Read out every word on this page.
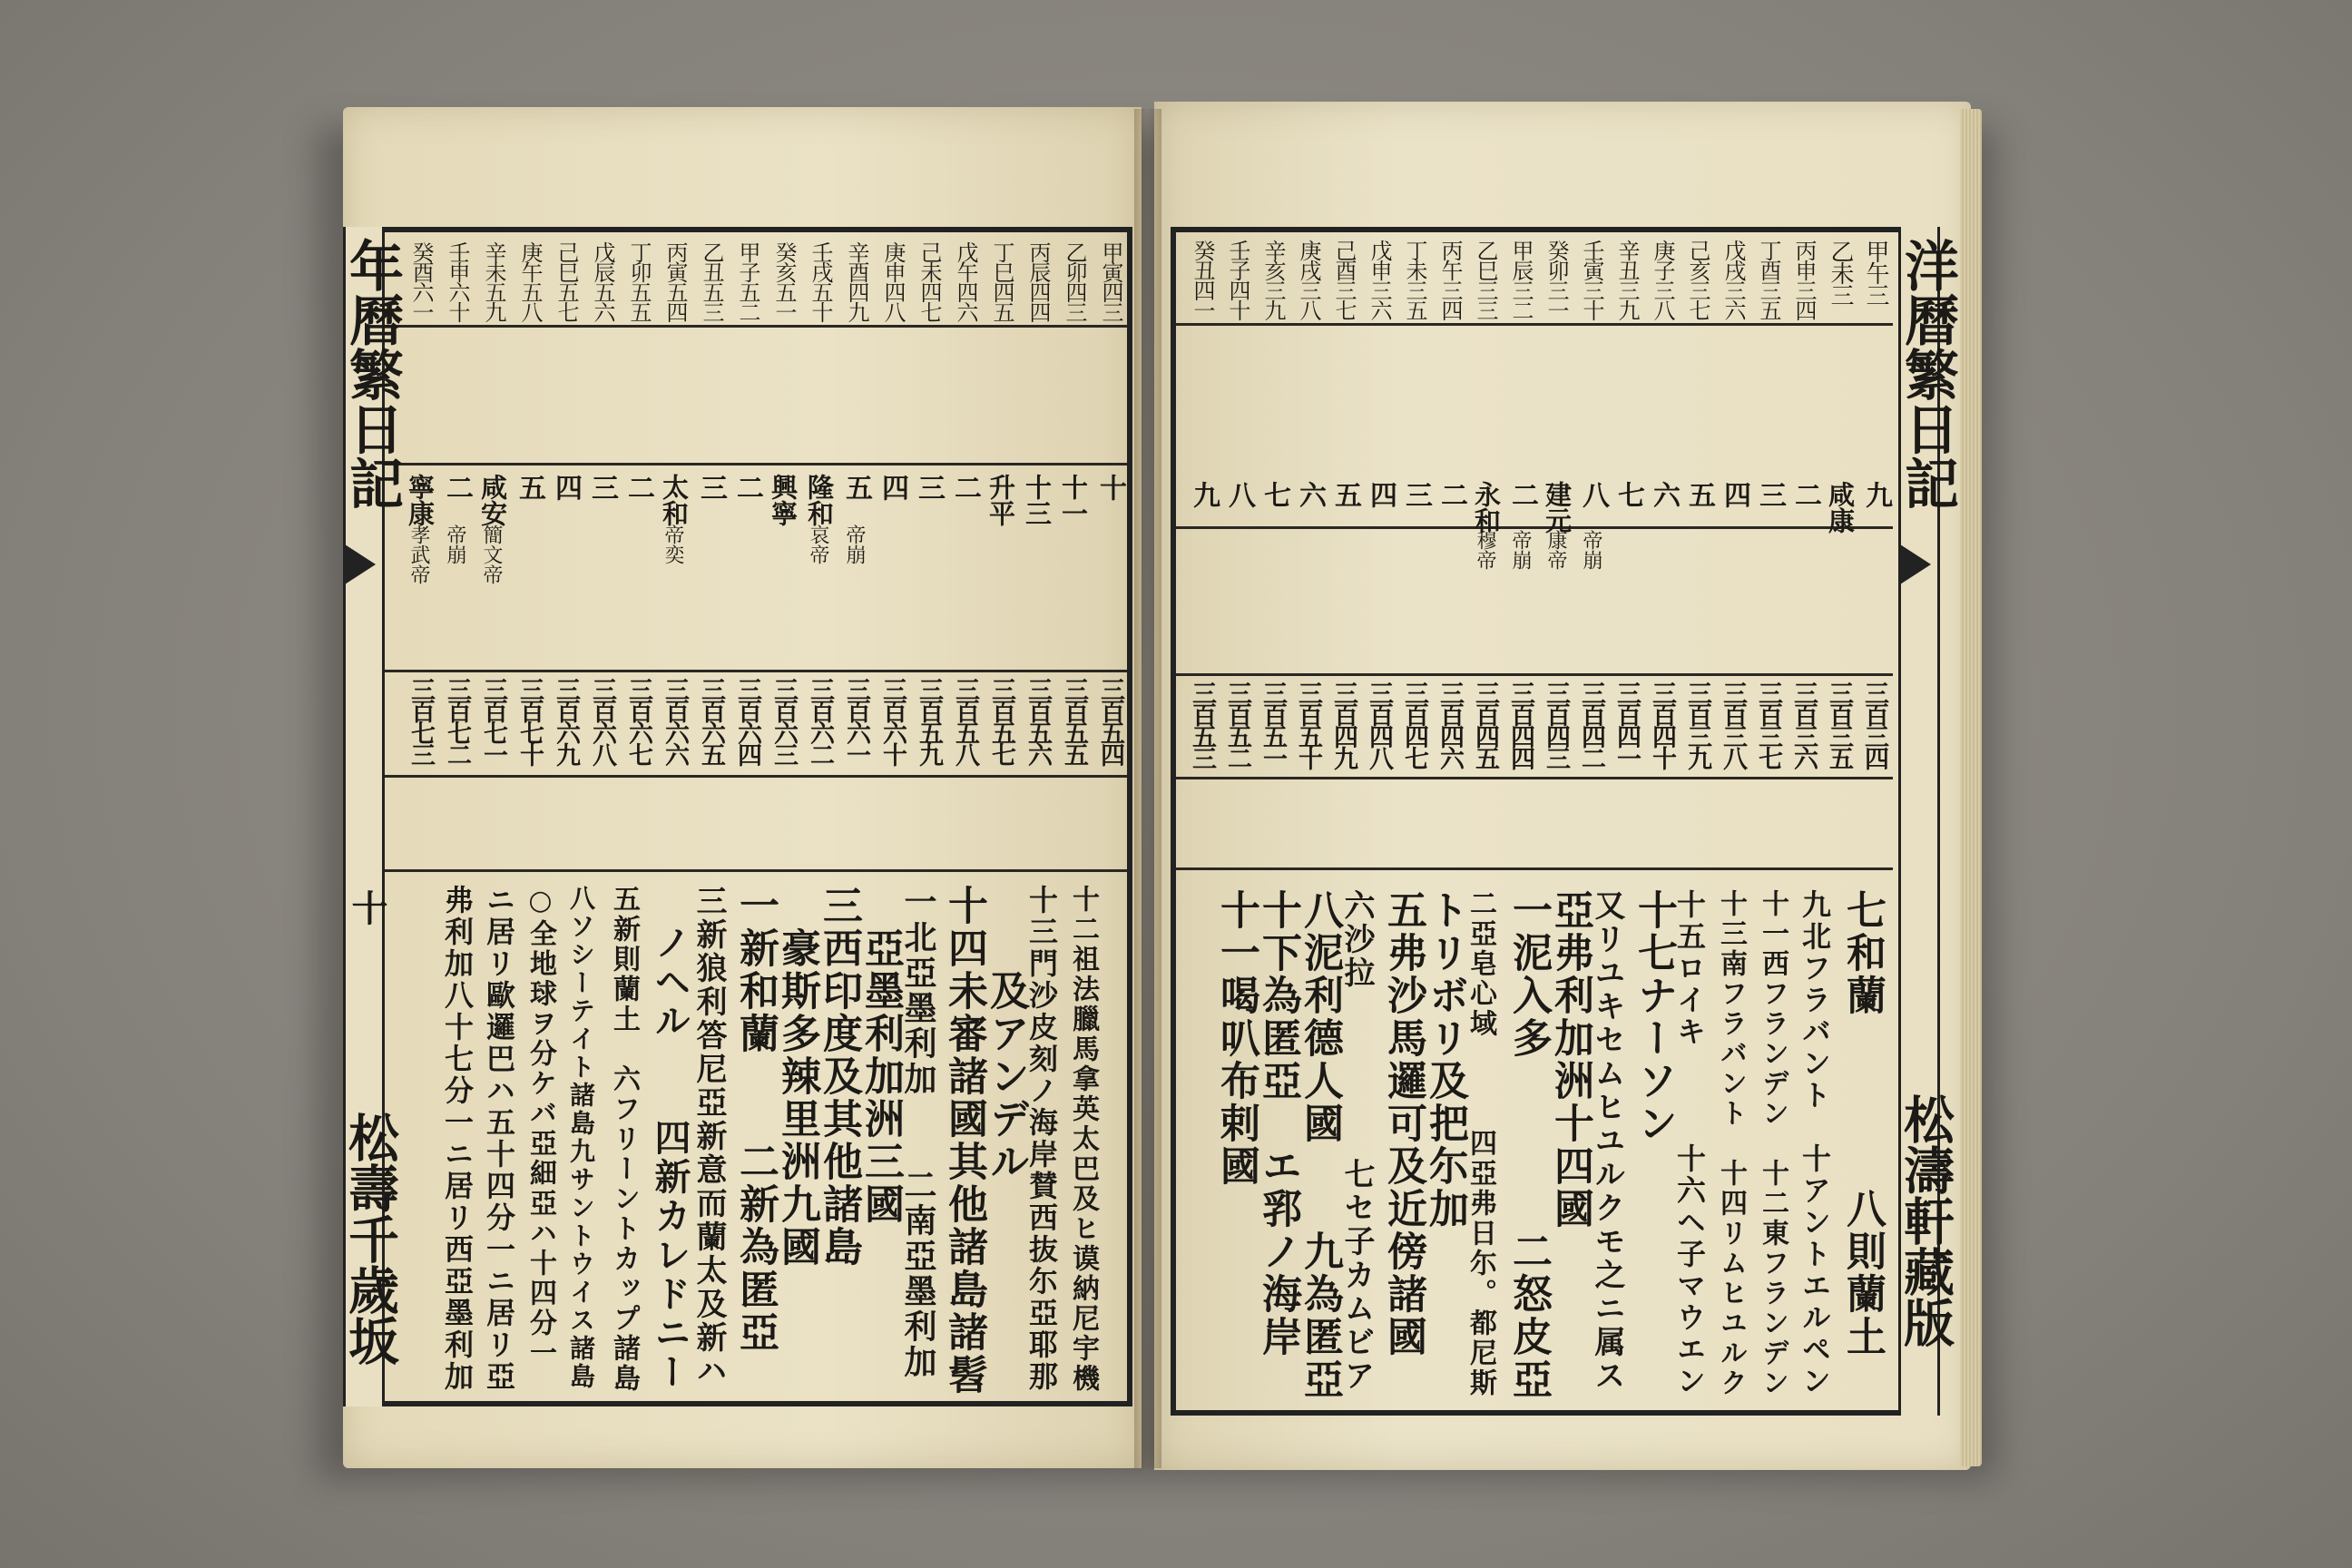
年曆繁日記
十
松壽千歲坂
甲寅四三
乙卯四三
丙辰四四
丁巳四五
戊午四六
己未四七
庚申四八
辛酉四九
壬戌五十
癸亥五一
甲子五二
乙丑五三
丙寅五四
丁卯五五
戊辰五六
己巳五七
庚午五八
辛未五九
壬申六十
癸酉六一
十
十一
十三
升平
二
三
四
五
隆和
興寧
二
三
太和
二
三
四
五
咸安
二
寧康
帝崩
哀帝
帝奕
簡文帝
帝崩
孝武帝
三百五四
三百五五
三百五六
三百五七
三百五八
三百五九
三百六十
三百六一
三百六二
三百六三
三百六四
三百六五
三百六六
三百六七
三百六八
三百六九
三百七十
三百七一
三百七二
三百七三
十二祖法臘馬拿英太巴及ヒ谟納尼宇機
十三門沙皮刻ノ海岸賛西抜尓亞耶那
　　及アンデル
十四未審諸國其他諸島諸髫
一北亞墨利加　　二南亞墨利加
　亞墨利加洲三國
三西印度及其他諸島
　豪斯多辣里洲九國
一新和蘭　　二新為匿亞
三新狼利答尼亞新意而蘭太及新ハ
　ノヘル　　四新カレドニー
五新則蘭土　六フリーントカップ諸島
八ソシーテイト諸島九サントウイス諸島
○全地球ヲ分ケバ亞細亞ハ十四分一
ニ居リ歐邏巴ハ五十四分一ニ居リ亞
弗利加八十七分一ニ居リ西亞墨利加
洋曆繁日記
松濤軒藏版
甲午三
乙未三
丙申三四
丁酉三五
戊戌三六
己亥三七
庚子三八
辛丑三九
壬寅三十
癸卯三一
甲辰三二
乙巳三三
丙午三四
丁未三五
戊申三六
己酉三七
庚戌三八
辛亥三九
壬子四十
癸丑四一
九
咸康
二
三
四
五
六
七
八
建元
二
永和
二
三
四
五
六
七
八
九
帝崩
康帝
帝崩
穆帝
三百三四
三百三五
三百三六
三百三七
三百三八
三百三九
三百四十
三百四一
三百四二
三百四三
三百四四
三百四五
三百四六
三百四七
三百四八
三百四九
三百五十
三百五一
三百五二
三百五三
七和蘭　　　　八則蘭土
九北フラバント　十アントエルペン
十一西フランデン　十二東フランデン
十三南フラバント　十四リムヒユルク
十五ロイキ　　　十六ヘ子マウエン
十七ナーソン
又リユキセムヒユルクモ之ニ属ス
亞弗利加洲十四國
一泥入多　　　　二怒皮亞
二亞皂心域　　　四亞弗日尓。都尼斯
トリボリ及把尓加
五弗沙馬邏可及近傍諸國
六沙拉　　　　　七セ子カムビア
八泥利德人國　　九為匿亞
十下為匿亞　エ郛ノ海岸
十一喝叭布剌國
